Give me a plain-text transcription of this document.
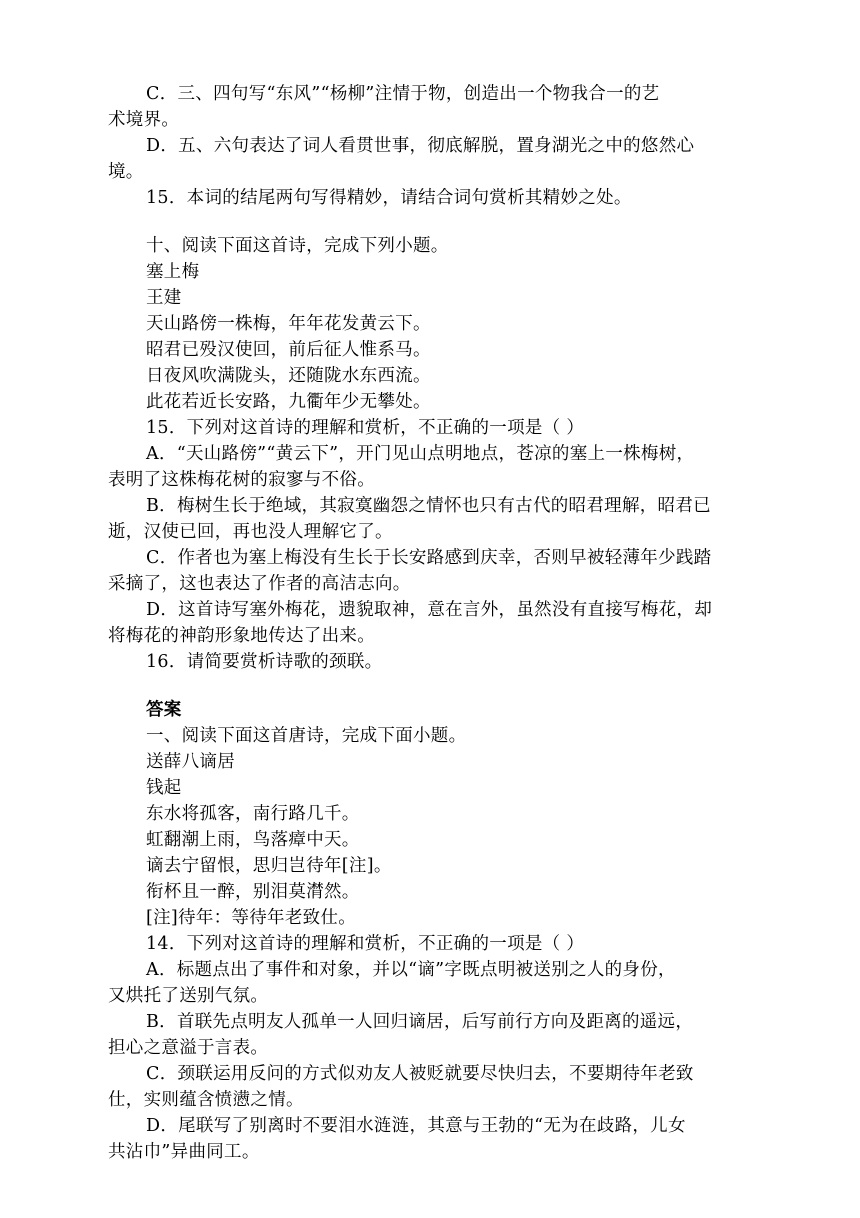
C．三、四句写“东风”“杨柳”注情于物，创造出一个物我合一的艺
术境界。
D．五、六句表达了词人看贯世事，彻底解脱，置身湖光之中的悠然心
境。
15．本词的结尾两句写得精妙，请结合词句赏析其精妙之处。
十、阅读下面这首诗，完成下列小题。
塞上梅
王建
天山路傍一株梅，年年花发黄云下。
昭君已殁汉使回，前后征人惟系马。
日夜风吹满陇头，还随陇水东西流。
此花若近长安路，九衢年少无攀处。
15．下列对这首诗的理解和赏析，不正确的一项是（ ）
A．“天山路傍”“黄云下”，开门见山点明地点，苍凉的塞上一株梅树，
表明了这株梅花树的寂寥与不俗。
B．梅树生长于绝域，其寂寞幽怨之情怀也只有古代的昭君理解，昭君已
逝，汉使已回，再也没人理解它了。
C．作者也为塞上梅没有生长于长安路感到庆幸，否则早被轻薄年少践踏
采摘了，这也表达了作者的高洁志向。
D．这首诗写塞外梅花，遗貌取神，意在言外，虽然没有直接写梅花，却
将梅花的神韵形象地传达了出来。
16．请简要赏析诗歌的颈联。
答案
一、阅读下面这首唐诗，完成下面小题。
送薛八谪居
钱起
东水将孤客，南行路几千。
虹翻潮上雨，鸟落瘴中天。
谪去宁留恨，思归岂待年[注]。
衔杯且一醉，别泪莫潸然。
[注]待年：等待年老致仕。
14．下列对这首诗的理解和赏析，不正确的一项是（ ）
A．标题点出了事件和对象，并以“谪”字既点明被送别之人的身份，
又烘托了送别气氛。
B．首联先点明友人孤单一人回归谪居，后写前行方向及距离的遥远，
担心之意溢于言表。
C．颈联运用反问的方式似劝友人被贬就要尽快归去，不要期待年老致
仕，实则蕴含愤懑之情。
D．尾联写了别离时不要泪水涟涟，其意与王勃的“无为在歧路，儿女
共沾巾”异曲同工。
